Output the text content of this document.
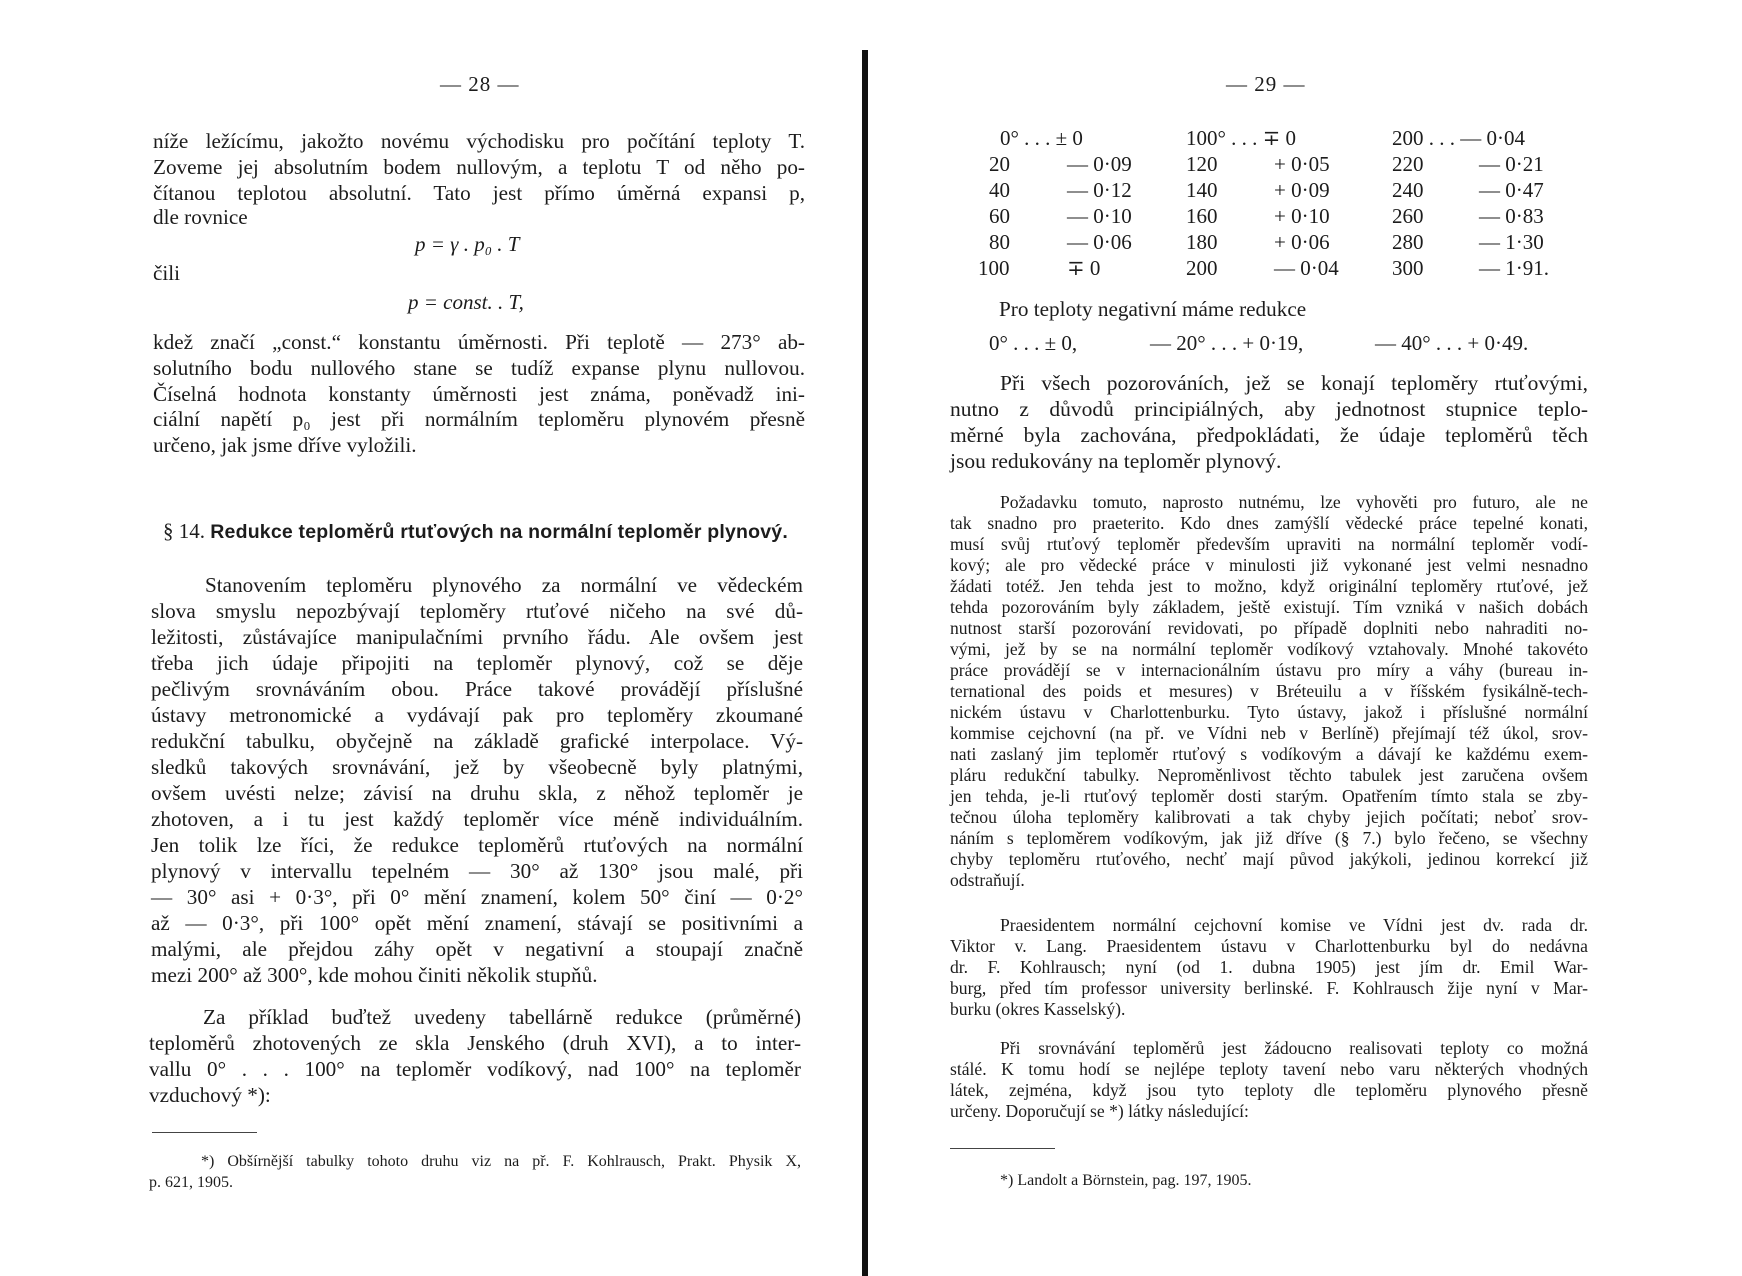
— 28 —
níže ležícímu, jakožto novému východisku pro počítání teploty T.
Zoveme jej absolutním bodem nullovým, a teplotu T od něho po-
čítanou teplotou absolutní. Tato jest přímo úměrná expansi p,
dle rovnice
p = γ . p₀ . T
čili
p = const. . T,
kdež značí „const.“ konstantu úměrnosti. Při teplotě — 273° ab-
solutního bodu nullového stane se tudíž expanse plynu nullovou.
Číselná hodnota konstanty úměrnosti jest známa, poněvadž ini-
ciální napětí p₀ jest při normálním teploměru plynovém přesně
určeno, jak jsme dříve vyložili.
§ 14. Redukce teploměrů rtuťových na normální teploměr plynový.
Stanovením teploměru plynového za normální ve vědeckém
slova smyslu nepozbývají teploměry rtuťové ničeho na své dů-
ležitosti, zůstávajíce manipulačními prvního řádu. Ale ovšem jest
třeba jich údaje připojiti na teploměr plynový, což se děje
pečlivým srovnáváním obou. Práce takové provádějí příslušné
ústavy metronomické a vydávají pak pro teploměry zkoumané
redukční tabulku, obyčejně na základě grafické interpolace. Vý-
sledků takových srovnávání, jež by všeobecně byly platnými,
ovšem uvésti nelze; závisí na druhu skla, z něhož teploměr je
zhotoven, a i tu jest každý teploměr více méně individuálním.
Jen tolik lze říci, že redukce teploměrů rtuťových na normální
plynový v intervallu tepelném — 30° až 130° jsou malé, při
— 30° asi + 0·3°, při 0° mění znamení, kolem 50° činí — 0·2°
až — 0·3°, při 100° opět mění znamení, stávají se positivními a
malými, ale přejdou záhy opět v negativní a stoupají značně
mezi 200° až 300°, kde mohou činiti několik stupňů.
Za příklad buďtež uvedeny tabellárně redukce (průměrné)
teploměrů zhotovených ze skla Jenského (druh XVI), a to inter-
vallu 0° . . . 100° na teploměr vodíkový, nad 100° na teploměr
vzduchový *):
*) Obšírnější tabulky tohoto druhu viz na př. F. Kohlrausch, Prakt. Physik X,
p. 621, 1905.
— 29 —
0° . . . ± 0	100° . . . ∓ 0	200 . . . — 0·04
20	— 0·09	120	+ 0·05	220	— 0·21
40	— 0·12	140	+ 0·09	240	— 0·47
60	— 0·10	160	+ 0·10	260	— 0·83
80	— 0·06	180	+ 0·06	280	— 1·30
100	∓ 0	200	— 0·04	300	— 1·91.
Pro teploty negativní máme redukce
0° . . . ± 0,	— 20° . . . + 0·19,	— 40° . . . + 0·49.
Při všech pozorováních, jež se konají teploměry rtuťovými,
nutno z důvodů principiálných, aby jednotnost stupnice teplo-
měrné byla zachována, předpokládati, že údaje teploměrů těch
jsou redukovány na teploměr plynový.
Požadavku tomuto, naprosto nutnému, lze vyhověti pro futuro, ale ne
tak snadno pro praeterito. Kdo dnes zamýšlí vědecké práce tepelné konati,
musí svůj rtuťový teploměr především upraviti na normální teploměr vodí-
kový; ale pro vědecké práce v minulosti již vykonané jest velmi nesnadno
žádati totéž. Jen tehda jest to možno, když originální teploměry rtuťové, jež
tehda pozorováním byly základem, ještě existují. Tím vzniká v našich dobách
nutnost starší pozorování revidovati, po případě doplniti nebo nahraditi no-
vými, jež by se na normální teploměr vodíkový vztahovaly. Mnohé takovéto
práce provádějí se v internacionálním ústavu pro míry a váhy (bureau in-
ternational des poids et mesures) v Bréteuilu a v říšském fysikálně-tech-
nickém ústavu v Charlottenburku. Tyto ústavy, jakož i příslušné normální
kommise cejchovní (na př. ve Vídni neb v Berlíně) přejímají též úkol, srov-
nati zaslaný jim teploměr rtuťový s vodíkovým a dávají ke každému exem-
pláru redukční tabulky. Neproměnlivost těchto tabulek jest zaručena ovšem
jen tehda, je-li rtuťový teploměr dosti starým. Opatřením tímto stala se zby-
tečnou úloha teploměry kalibrovati a tak chyby jejich počítati; neboť srov-
náním s teploměrem vodíkovým, jak již dříve (§ 7.) bylo řečeno, se všechny
chyby teploměru rtuťového, nechť mají původ jakýkoli, jedinou korrekcí již
odstraňují.
Praesidentem normální cejchovní komise ve Vídni jest dv. rada dr.
Viktor v. Lang. Praesidentem ústavu v Charlottenburku byl do nedávna
dr. F. Kohlrausch; nyní (od 1. dubna 1905) jest jím dr. Emil War-
burg, před tím professor university berlinské. F. Kohlrausch žije nyní v Mar-
burku (okres Kasselský).
Při srovnávání teploměrů jest žádoucno realisovati teploty co možná
stálé. K tomu hodí se nejlépe teploty tavení nebo varu některých vhodných
látek, zejména, když jsou tyto teploty dle teploměru plynového přesně
určeny. Doporučují se *) látky následující:
*) Landolt a Börnstein, pag. 197, 1905.
